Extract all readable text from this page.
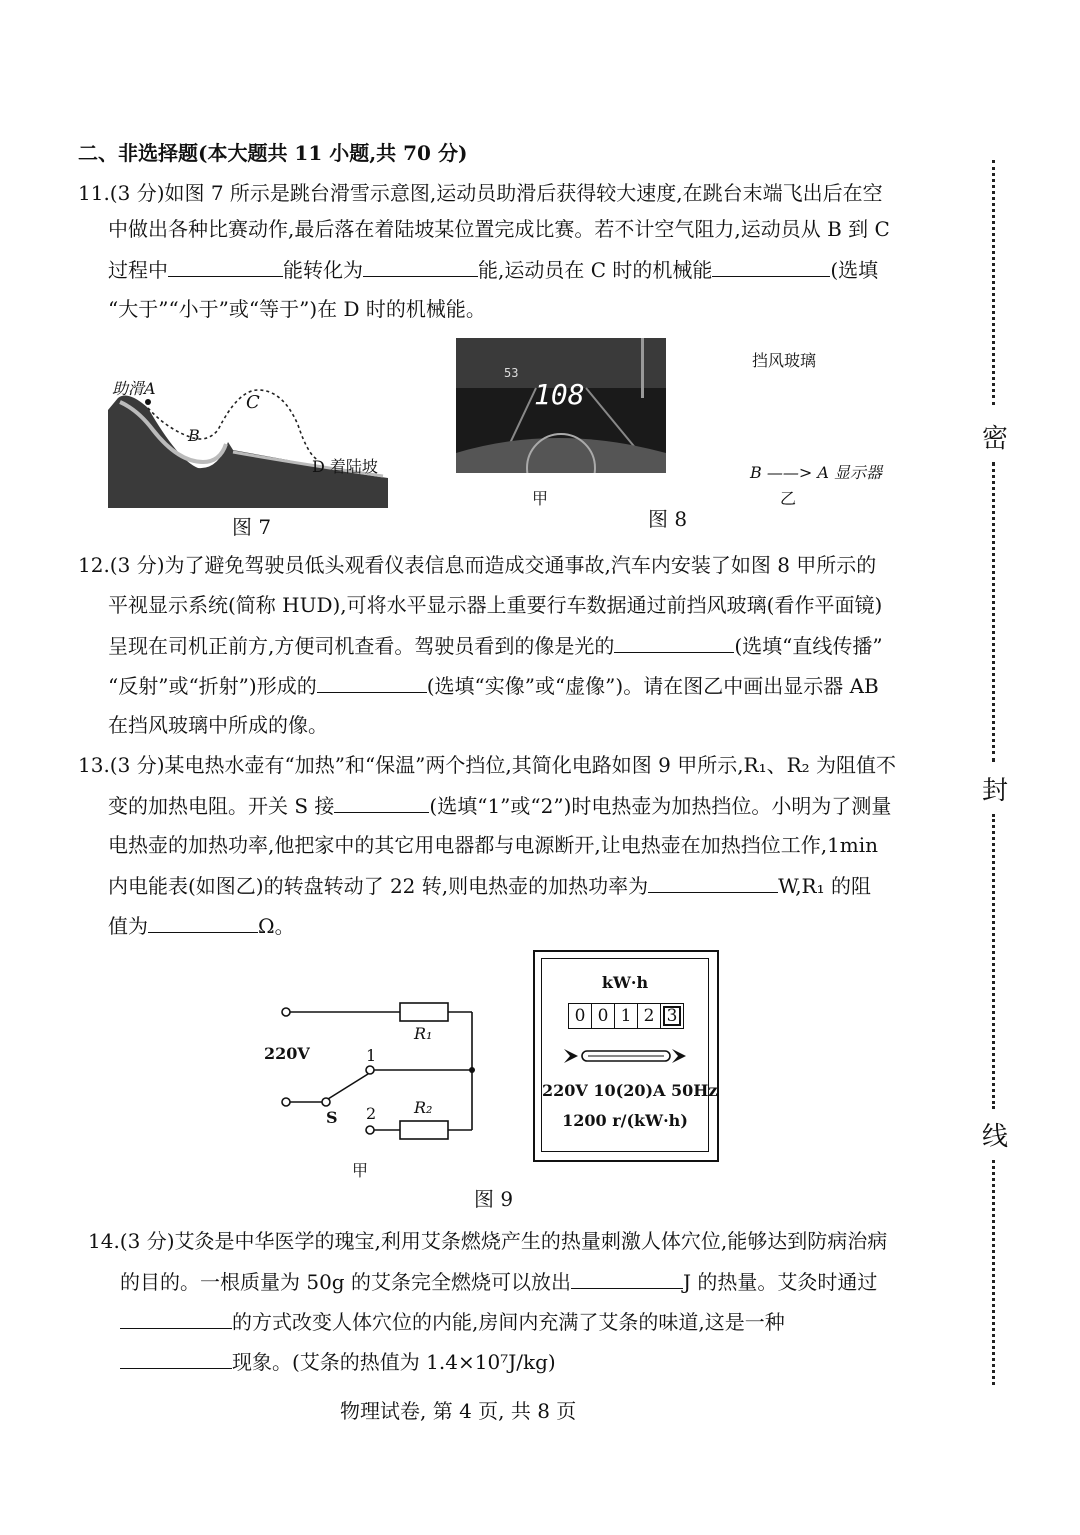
二、非选择题(本大题共 11 小题,共 70 分)
11.(3 分)如图 7 所示是跳台滑雪示意图,运动员助滑后获得较大速度,在跳台末端飞出后在空
中做出各种比赛动作,最后落在着陆坡某位置完成比赛。若不计空气阻力,运动员从 B 到 C
过程中	能转化为	能,运动员在 C 时的机械能	(选填
“大于”“小于”或“等于”)在 D 时的机械能。
助滑A
B
C
D 着陆坡
图 7
53
108
甲
挡风玻璃
B ——> A 显示器
乙
图 8
12.(3 分)为了避免驾驶员低头观看仪表信息而造成交通事故,汽车内安装了如图 8 甲所示的
平视显示系统(简称 HUD),可将水平显示器上重要行车数据通过前挡风玻璃(看作平面镜)
呈现在司机正前方,方便司机查看。驾驶员看到的像是光的	(选填“直线传播”
“反射”或“折射”)形成的	(选填“实像”或“虚像”)。请在图乙中画出显示器 AB
在挡风玻璃中所成的像。
13.(3 分)某电热水壶有“加热”和“保温”两个挡位,其简化电路如图 9 甲所示,R₁、R₂ 为阻值不
变的加热电阻。开关 S 接	(选填“1”或“2”)时电热壶为加热挡位。小明为了测量
电热壶的加热功率,他把家中的其它用电器都与电源断开,让电热壶在加热挡位工作,1min
内电能表(如图乙)的转盘转动了 22 转,则电热壶的加热功率为	W,R₁ 的阻
值为	Ω。
220V
R₁
R₂
1
2
S
甲
kW·h
0 0 1 2 3
220V 10(20)A 50Hz
1200 r/(kW·h)
图 9
14.(3 分)艾灸是中华医学的瑰宝,利用艾条燃烧产生的热量刺激人体穴位,能够达到防病治病
的目的。一根质量为 50g 的艾条完全燃烧可以放出	J 的热量。艾灸时通过
的方式改变人体穴位的内能,房间内充满了艾条的味道,这是一种
现象。(艾条的热值为 1.4×10⁷J/kg)
物理试卷, 第 4 页, 共 8 页
密
封
线
